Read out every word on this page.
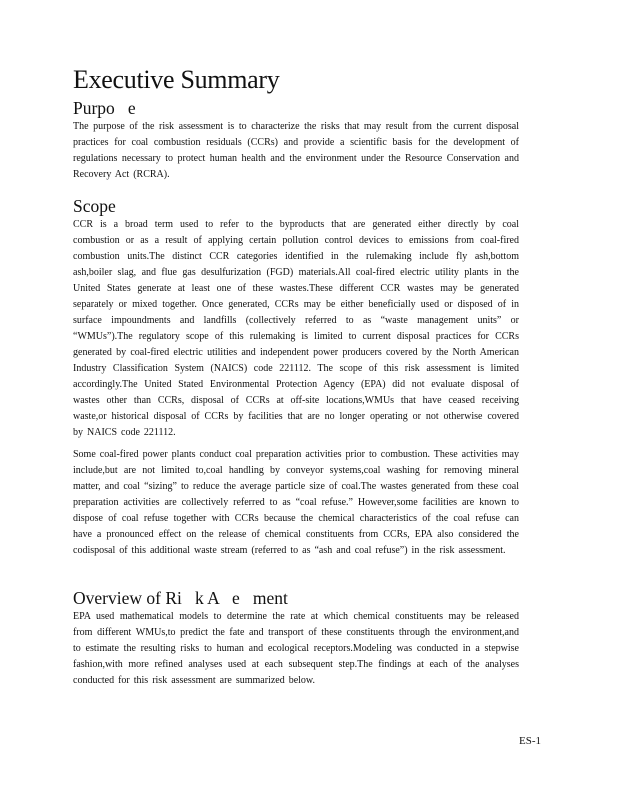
Executive Summary
Purpo   e

The purpose of the risk assessment is to characterize the risks that may result from the current disposal practices for coal combustion residuals (CCRs) and provide a scientific basis for the development of regulations necessary to protect human health and the environment under the Resource Conservation and Recovery Act (RCRA).

Scope

CCR is a broad term used to refer to the byproducts that are generated either directly by coal combustion or as a result of applying certain pollution control devices to emissions from coal-fired combustion units.The distinct CCR categories identified in the rulemaking include fly ash,bottom ash,boiler slag, and flue gas desulfurization (FGD) materials.All coal-fired electric utility plants in the United States generate at least one of these wastes.These different CCR wastes may be generated separately or mixed together. Once generated, CCRs may be either beneficially used or disposed of in surface impoundments and landfills (collectively referred to as “waste management units” or “WMUs”).The regulatory scope of this rulemaking is limited to current disposal practices for CCRs generated by coal-fired electric utilities and independent power producers covered by the North American Industry Classification System (NAICS) code 221112. The scope of this risk assessment is limited accordingly.The United Stated Environmental Protection Agency (EPA) did not evaluate disposal of wastes other than CCRs, disposal of CCRs at off-site locations,WMUs that have ceased receiving waste,or historical disposal of CCRs by facilities that are no longer operating or not otherwise covered by NAICS code 221112.

Some coal-fired power plants conduct coal preparation activities prior to combustion. These activities may include,but are not limited to,coal handling by conveyor systems,coal washing for removing mineral matter, and coal “sizing” to reduce the average particle size of coal.The wastes generated from these coal preparation activities are collectively referred to as “coal refuse.” However,some facilities are known to dispose of coal refuse together with CCRs because the chemical characteristics of the coal refuse can have a pronounced effect on the release of chemical constituents from CCRs, EPA also considered the codisposal of this additional waste stream (referred to as “ash and coal refuse”) in the risk assessment.

Overview of Ri   k A   e   ment

EPA used mathematical models to determine the rate at which chemical constituents may be released from different WMUs,to predict the fate and transport of these constituents through the environment,and to estimate the resulting risks to human and ecological receptors.Modeling was conducted in a stepwise fashion,with more refined analyses used at each subsequent step.The findings at each of the analyses conducted for this risk assessment are summarized below.

ES-1
